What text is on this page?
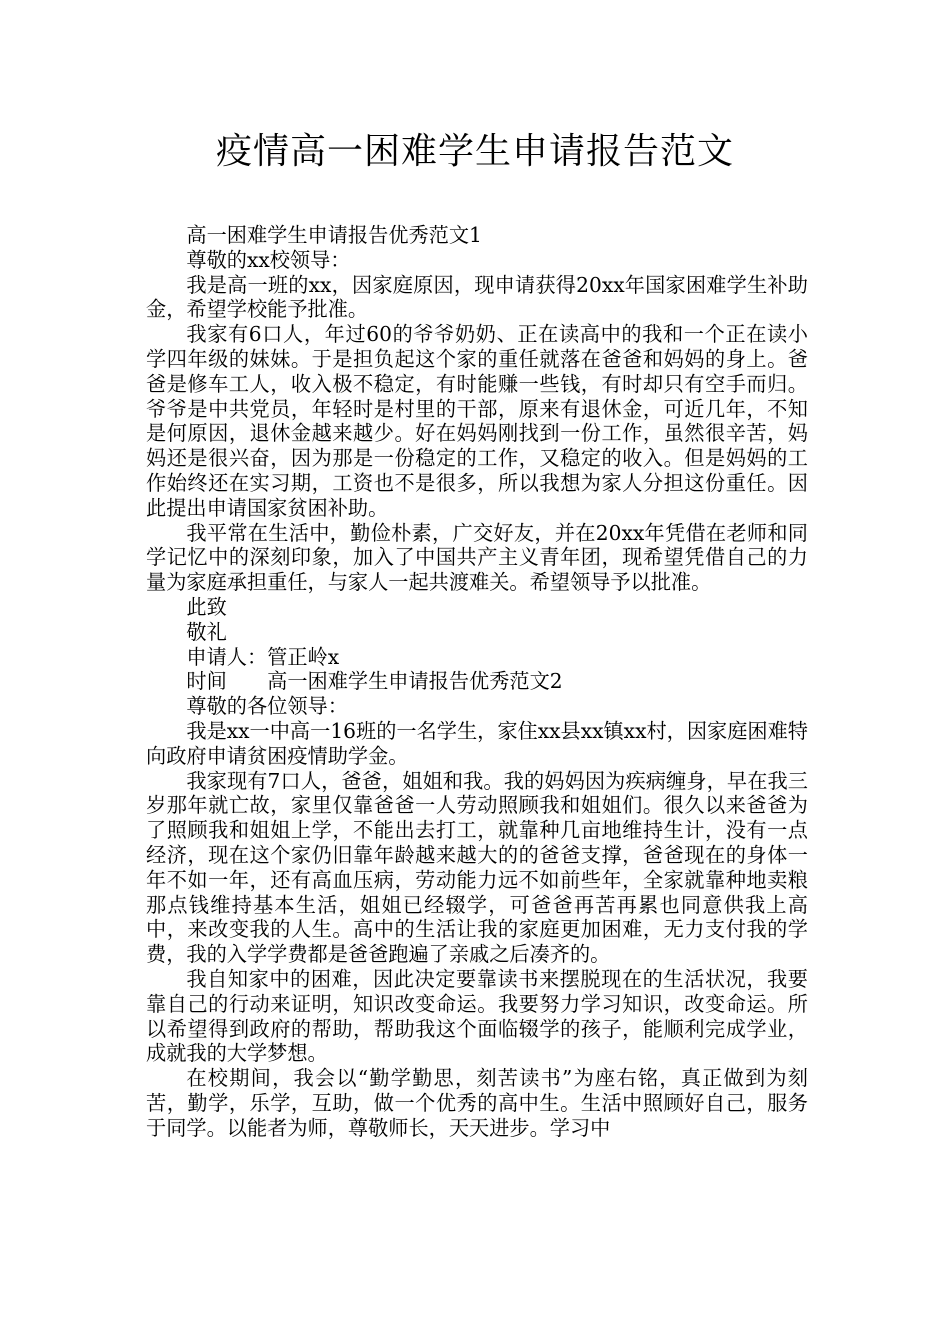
疫情高一困难学生申请报告范文

高一困难学生申请报告优秀范文1

尊敬的xx校领导：

我是高一班的xx，因家庭原因，现申请获得20xx年国家困难学生补助金，希望学校能予批准。

我家有6口人，年过60的爷爷奶奶、正在读高中的我和一个正在读小学四年级的妹妹。于是担负起这个家的重任就落在爸爸和妈妈的身上。爸爸是修车工人，收入极不稳定，有时能赚一些钱，有时却只有空手而归。爷爷是中共党员，年轻时是村里的干部，原来有退休金，可近几年，不知是何原因，退休金越来越少。好在妈妈刚找到一份工作，虽然很辛苦，妈妈还是很兴奋，因为那是一份稳定的工作，又稳定的收入。但是妈妈的工作始终还在实习期，工资也不是很多，所以我想为家人分担这份重任。因此提出申请国家贫困补助。

我平常在生活中，勤俭朴素，广交好友，并在20xx年凭借在老师和同学记忆中的深刻印象，加入了中国共产主义青年团，现希望凭借自己的力量为家庭承担重任，与家人一起共渡难关。希望领导予以批准。

此致

敬礼

申请人：管正岭x

时间　　高一困难学生申请报告优秀范文2

尊敬的各位领导：

我是xx一中高一16班的一名学生，家住xx县xx镇xx村，因家庭困难特向政府申请贫困疫情助学金。

我家现有7口人，爸爸，姐姐和我。我的妈妈因为疾病缠身，早在我三岁那年就亡故，家里仅靠爸爸一人劳动照顾我和姐姐们。很久以来爸爸为了照顾我和姐姐上学，不能出去打工，就靠种几亩地维持生计，没有一点经济，现在这个家仍旧靠年龄越来越大的的爸爸支撑，爸爸现在的身体一年不如一年，还有高血压病，劳动能力远不如前些年，全家就靠种地卖粮那点钱维持基本生活，姐姐已经辍学，可爸爸再苦再累也同意供我上高中，来改变我的人生。高中的生活让我的家庭更加困难，无力支付我的学费，我的入学学费都是爸爸跑遍了亲戚之后凑齐的。

我自知家中的困难，因此决定要靠读书来摆脱现在的生活状况，我要靠自己的行动来证明，知识改变命运。我要努力学习知识，改变命运。所以希望得到政府的帮助，帮助我这个面临辍学的孩子，能顺利完成学业，成就我的大学梦想。

在校期间，我会以“勤学勤思，刻苦读书”为座右铭，真正做到为刻苦，勤学，乐学，互助，做一个优秀的高中生。生活中照顾好自己，服务于同学。以能者为师，尊敬师长，天天进步。学习中
